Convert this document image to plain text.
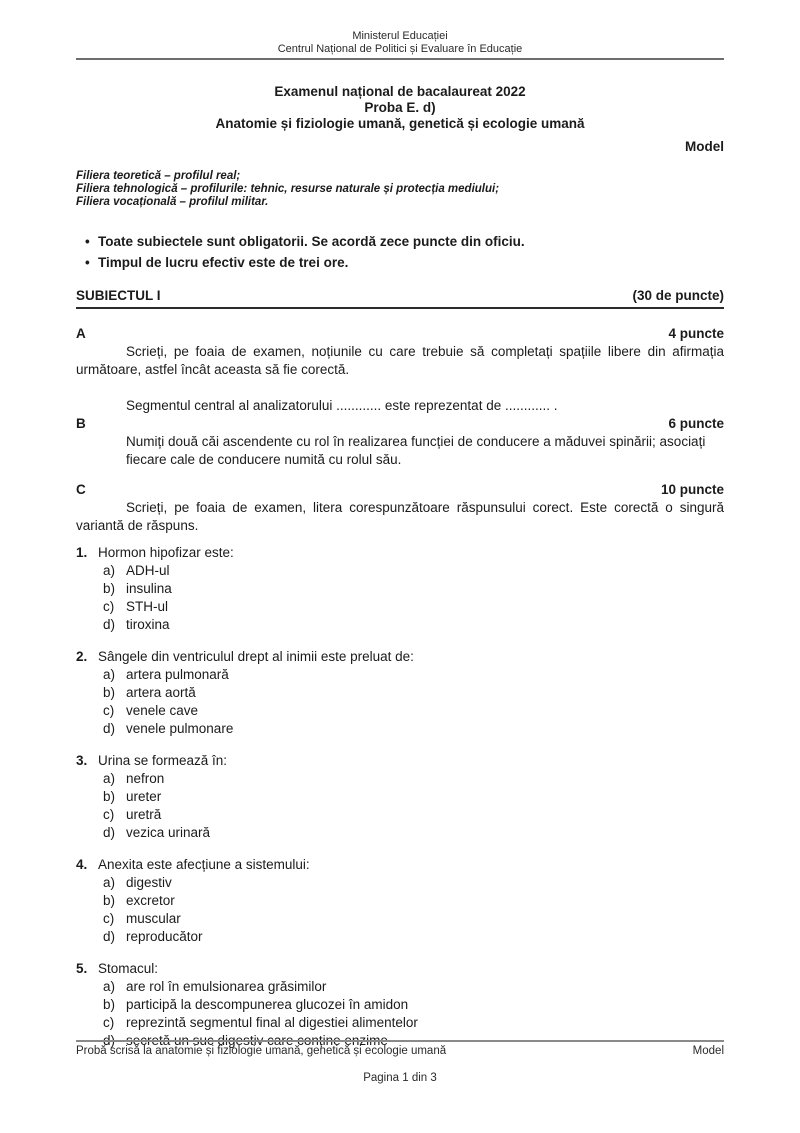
Ministerul Educației
Centrul Național de Politici și Evaluare în Educație
Examenul național de bacalaureat 2022
Proba E. d)
Anatomie și fiziologie umană, genetică și ecologie umană
Model
Filiera teoretică – profilul real;
Filiera tehnologică – profilurile: tehnic, resurse naturale și protecția mediului;
Filiera vocațională – profilul militar.
• Toate subiectele sunt obligatorii. Se acordă zece puncte din oficiu.
• Timpul de lucru efectiv este de trei ore.
SUBIECTUL I	(30 de puncte)
A	4 puncte

Scrieți, pe foaia de examen, noțiunile cu care trebuie să completați spațiile libere din afirmația următoare, astfel încât aceasta să fie corectă.

Segmentul central al analizatorului ............ este reprezentat de ............ .

B	6 puncte

Numiți două căi ascendente cu rol în realizarea funcției de conducere a măduvei spinării; asociați fiecare cale de conducere numită cu rolul său.

C	10 puncte

Scrieți, pe foaia de examen, litera corespunzătoare răspunsului corect. Este corectă o singură variantă de răspuns.

1. Hormon hipofizar este:
a) ADH-ul
b) insulina
c) STH-ul
d) tiroxina
2. Sângele din ventriculul drept al inimii este preluat de:
a) artera pulmonară
b) artera aortă
c) venele cave
d) venele pulmonare
3. Urina se formează în:
a) nefron
b) ureter
c) uretră
d) vezica urinară
4. Anexita este afecțiune a sistemului:
a) digestiv
b) excretor
c) muscular
d) reproducător
5. Stomacul:
a) are rol în emulsionarea grăsimilor
b) participă la descompunerea glucozei în amidon
c) reprezintă segmentul final al digestiei alimentelor
d) secretă un suc digestiv care conține enzime
Probă scrisă la anatomie și fiziologie umană, genetică și ecologie umană	Model
Pagina 1 din 3
